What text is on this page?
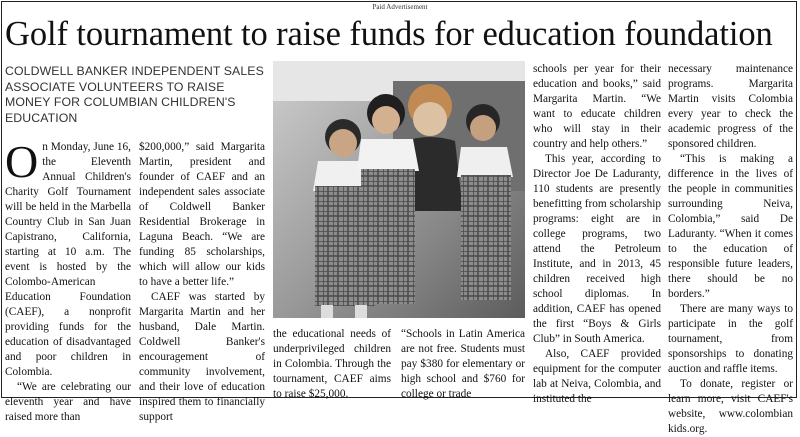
Paid Advertisement
Golf tournament to raise funds for education foundation
COLDWELL BANKER INDEPENDENT SALES ASSOCIATE VOLUNTEERS TO RAISE MONEY FOR COLUMBIAN CHILDREN'S EDUCATION

On Monday, June 16, the Eleventh Annual Children's Charity Golf Tournament will be held in the Marbella Country Club in San Juan Capistrano, California, starting at 10 a.m. The event is hosted by the Colombo-American Education Foundation (CAEF), a nonprofit providing funds for the education of disadvantaged and poor children in Colombia.

“We are celebrating our eleventh year and have raised more than

$200,000,” said Margarita Martin, president and founder of CAEF and an independent sales associate of Coldwell Banker Residential Brokerage in Laguna Beach. “We are funding 85 scholarships, which will allow our kids to have a better life.”

CAEF was started by Margarita Martin and her husband, Dale Martin. Coldwell Banker's encouragement of community involvement, and their love of education inspired them to financially support

the educational needs of underprivileged children in Colombia. Through the tournament, CAEF aims to raise $25,000.

“Schools in Latin America are not free. Students must pay $380 for elementary or high school and $760 for college or trade

schools per year for their education and books,” said Margarita Martin. “We want to educate children who will stay in their country and help others.”

This year, according to Director Joe De Laduranty, 110 students are presently benefitting from scholarship programs: eight are in college programs, two attend the Petroleum Institute, and in 2013, 45 children received high school diplomas. In addition, CAEF has opened the first “Boys & Girls Club” in South America.

Also, CAEF provided equipment for the computer lab at Neiva, Colombia, and instituted the

necessary maintenance programs. Margarita Martin visits Colombia every year to check the academic progress of the sponsored children.

“This is making a difference in the lives of the people in communities surrounding Neiva, Colombia,” said De Laduranty. “When it comes to the education of responsible future leaders, there should be no borders.”

There are many ways to participate in the golf tournament, from sponsorships to donating auction and raffle items.

To donate, register or learn more, visit CAEF's website, www.colombian kids.org.
